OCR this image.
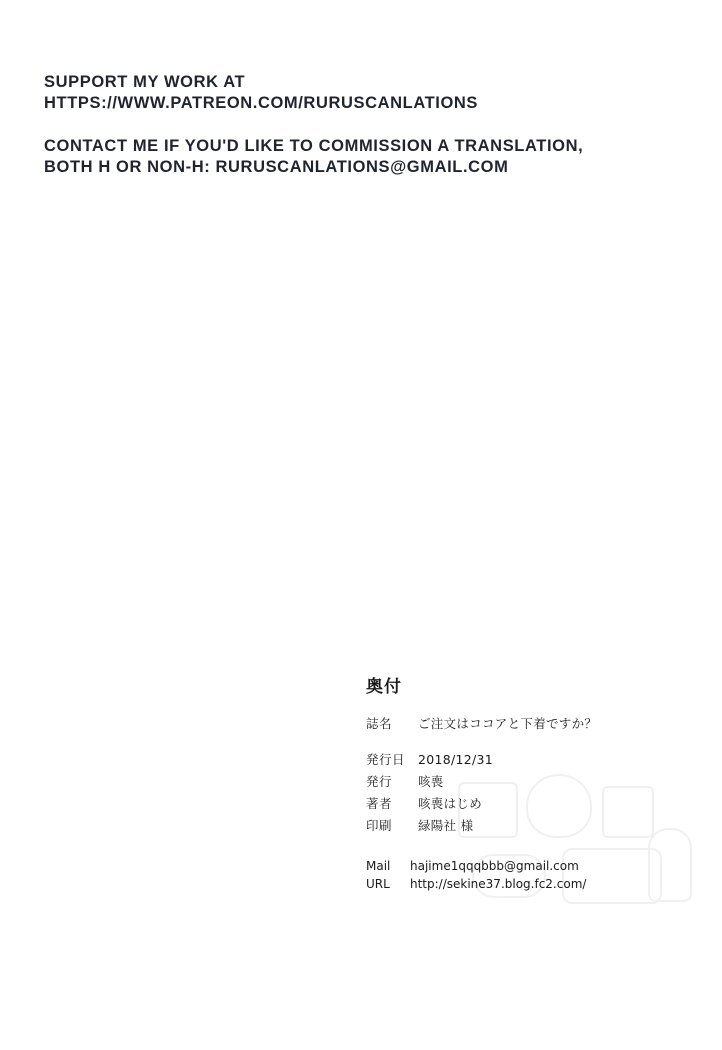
SUPPORT MY WORK AT
HTTPS://WWW.PATREON.COM/RURUSCANLATIONS
CONTACT ME IF YOU'D LIKE TO COMMISSION A TRANSLATION,
BOTH H OR NON-H: RURUSCANLATIONS@GMAIL.COM
奥付
誌名	ご注文はココアと下着ですか？
発行日 2018/12/31
発行	咳喪
著者	咳喪はじめ
印刷	緑陽社 様
Mail	hajime1qqqbbb@gmail.com
URL	http://sekine37.blog.fc2.com/
